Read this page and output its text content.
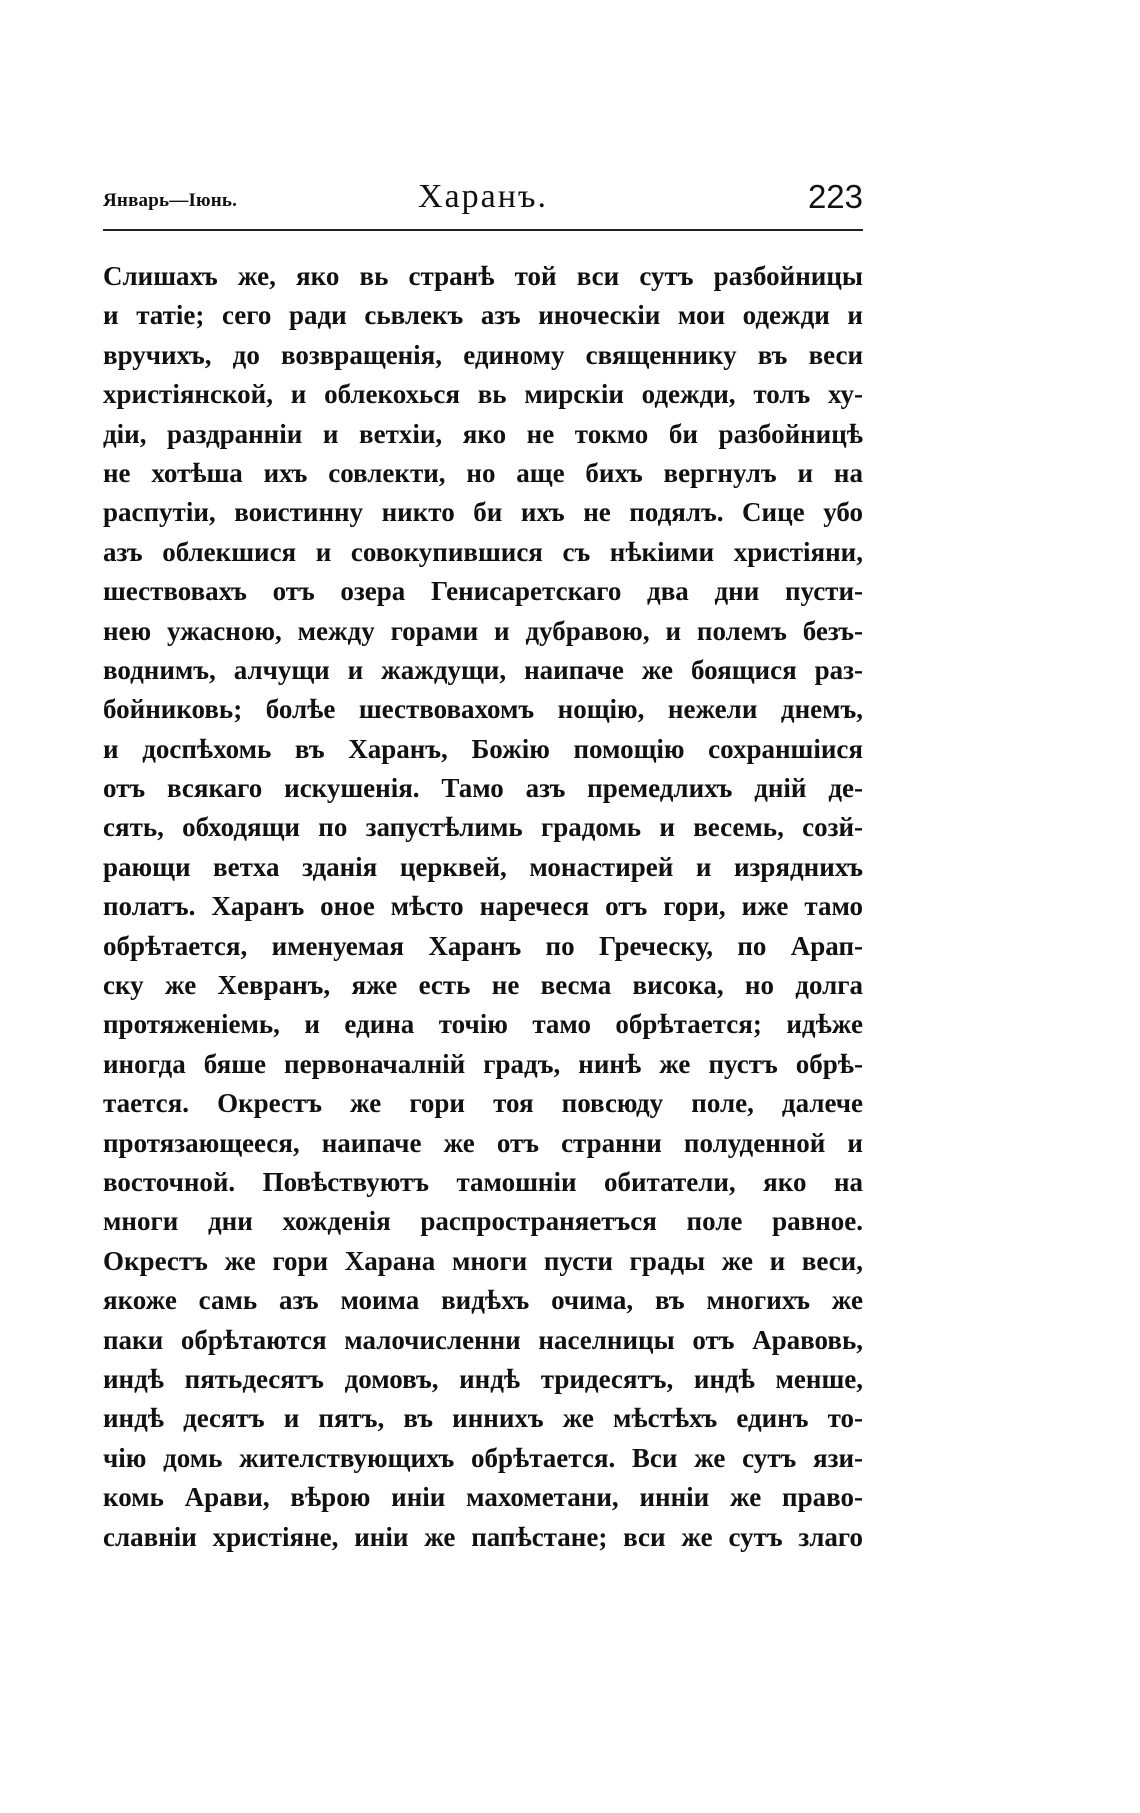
Январь—Іюнь.	Харанъ.	223
Слишахъ же, яко вь странѣ той вси сутъ разбойницы
и татіе; сего ради сьвлекъ азъ иноческіи мои одежди и
вручихъ, до возвращенія, единому священнику въ веси
христіянской, и облекохься вь мирскіи одежди, толъ ху-
діи, раздранніи и ветхіи, яко не токмо би разбойницѣ
не хотѣша ихъ совлекти, но аще бихъ вергнулъ и на
распутіи, воистинну никто би ихъ не подялъ. Сице убо
азъ облекшися и совокупившися съ нѣкіими христіяни,
шествовахъ отъ озера Генисаретскаго два дни пусти-
нею ужасною, между горами и дубравою, и полемъ безъ-
воднимъ, алчущи и жаждущи, наипаче же боящися раз-
бойниковь; болѣе шествовахомъ нощію, нежели днемъ,
и доспѣхомь въ Харанъ, Божію помощію сохраншіися
отъ всякаго искушенія. Тамо азъ премедлихъ днiй де-
сять, обходящи по запустѣлимь градомь и весемь, созй-
рающи ветха зданія церквей, монастирей и изряднихъ
полатъ. Харанъ оное мѣсто наречеся отъ гори, иже тамо
обрѣтается, именуемая Харанъ по Греческу, по Арап-
ску же Хевранъ, яже есть не весма висока, но долга
протяженіемь, и едина точію тамо обрѣтается; идѣже
иногда бяше первоначалній градъ, нинѣ же пустъ обрѣ-
тается. Окрестъ же гори тоя повсюду поле, далече
протязающееся, наипаче же отъ странни полуденной и
восточной. Повѣствуютъ тамошніи обитатели, яко на
многи дни хожденія распространяетъся поле равное.
Окрестъ же гори Харана многи пусти грады же и веси,
якоже самь азъ моима видѣхъ очима, въ многихъ же
паки обрѣтаются малочисленни населницы отъ Аравовь,
индѣ пятьдесятъ домовъ, индѣ тридесятъ, индѣ менше,
индѣ десятъ и пятъ, въ инниxъ же мѣстѣхъ единъ то-
чію домь жителствующихъ обрѣтается. Вси же сутъ язи-
комь Арави, вѣрою иніи махометани, инніи же право-
славніи христіяне, иніи же папѣстане; вси же сутъ злаго
